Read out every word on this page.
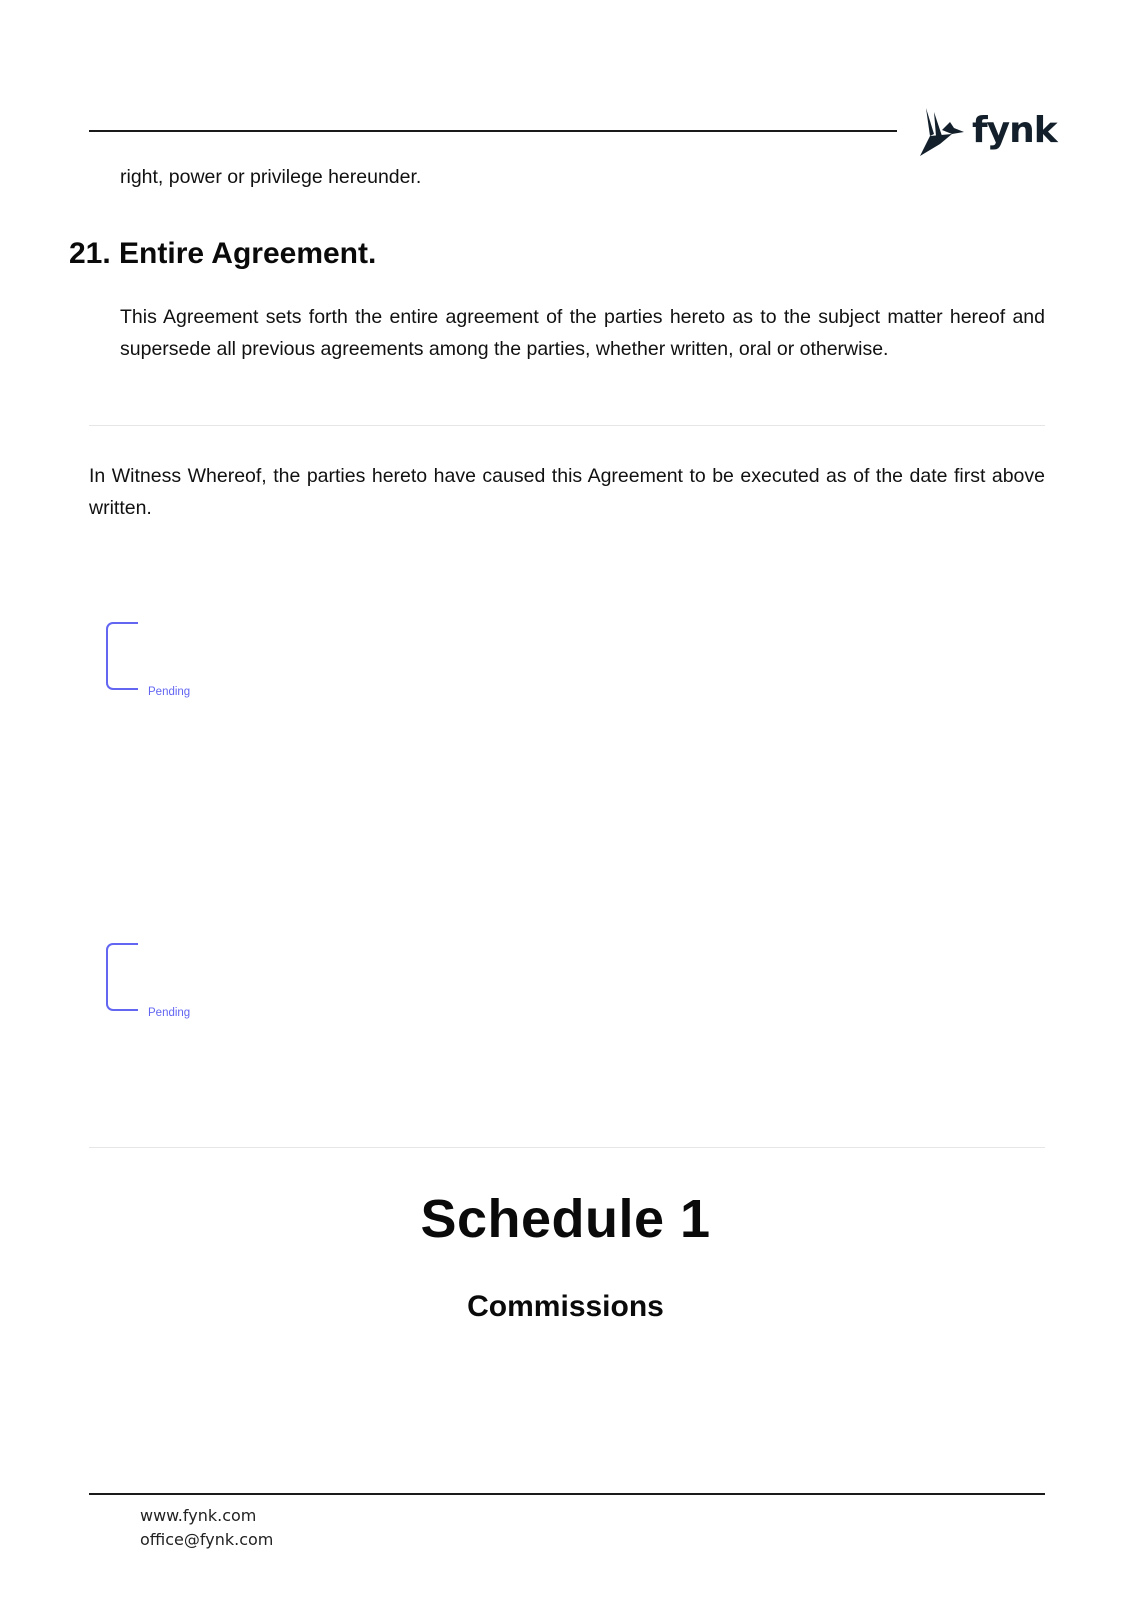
fynk
right, power or privilege hereunder.
21. Entire Agreement.
This Agreement sets forth the entire agreement of the parties hereto as to the subject matter hereof and supersede all previous agreements among the parties, whether written, oral or otherwise.
In Witness Whereof, the parties hereto have caused this Agreement to be executed as of the date first above written.
Pending
Pending
Schedule 1
Commissions
www.fynk.com
office@fynk.com
